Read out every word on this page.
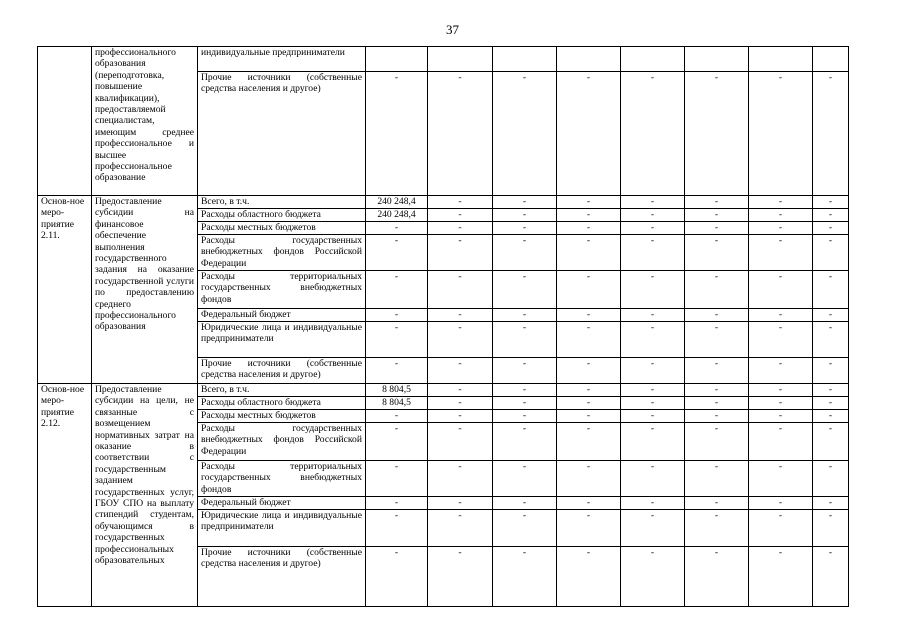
37
	профессионального образования (переподготовка, повышение квалификации), предоставляемой специалистам, имеющим среднее профессиональное и высшее профессиональное образование	индивидуальные предприниматели								
		Прочие источники (собственные средства населения и другое)	-	-	-	-	-	-	-	-
Основ-ное меро-приятие 2.11.	Предоставление субсидии на финансовое обеспечение выполнения государственного задания на оказание государственной услуги по предоставлению среднего профессионального образования	Всего, в т.ч.	240 248,4	-	-	-	-	-	-	-
		Расходы областного бюджета	240 248,4	-	-	-	-	-	-	-
		Расходы местных бюджетов	-	-	-	-	-	-	-	-
		Расходы государственных внебюджетных фондов Российской Федерации	-	-	-	-	-	-	-	-
		Расходы территориальных государственных внебюджетных фондов	-	-	-	-	-	-	-	-
		Федеральный бюджет	-	-	-	-	-	-	-	-
		Юридические лица и индивидуальные предприниматели	-	-	-	-	-	-	-	-
		Прочие источники (собственные средства населения и другое)	-	-	-	-	-	-	-	-
Основ-ное меро-приятие 2.12.	Предоставление субсидии на цели, не связанные с возмещением нормативных затрат на оказание в соответствии с государственным заданием государственных услуг, ГБОУ СПО на выплату стипендий студентам, обучающимся в государственных профессиональных образовательных	Всего, в т.ч.	8 804,5	-	-	-	-	-	-	-
		Расходы областного бюджета	8 804,5	-	-	-	-	-	-	-
		Расходы местных бюджетов	-	-	-	-	-	-	-	-
		Расходы государственных внебюджетных фондов Российской Федерации	-	-	-	-	-	-	-	-
		Расходы территориальных государственных внебюджетных фондов	-	-	-	-	-	-	-	-
		Федеральный бюджет	-	-	-	-	-	-	-	-
		Юридические лица и индивидуальные предприниматели	-	-	-	-	-	-	-	-
		Прочие источники (собственные средства населения и другое)	-	-	-	-	-	-	-	-
